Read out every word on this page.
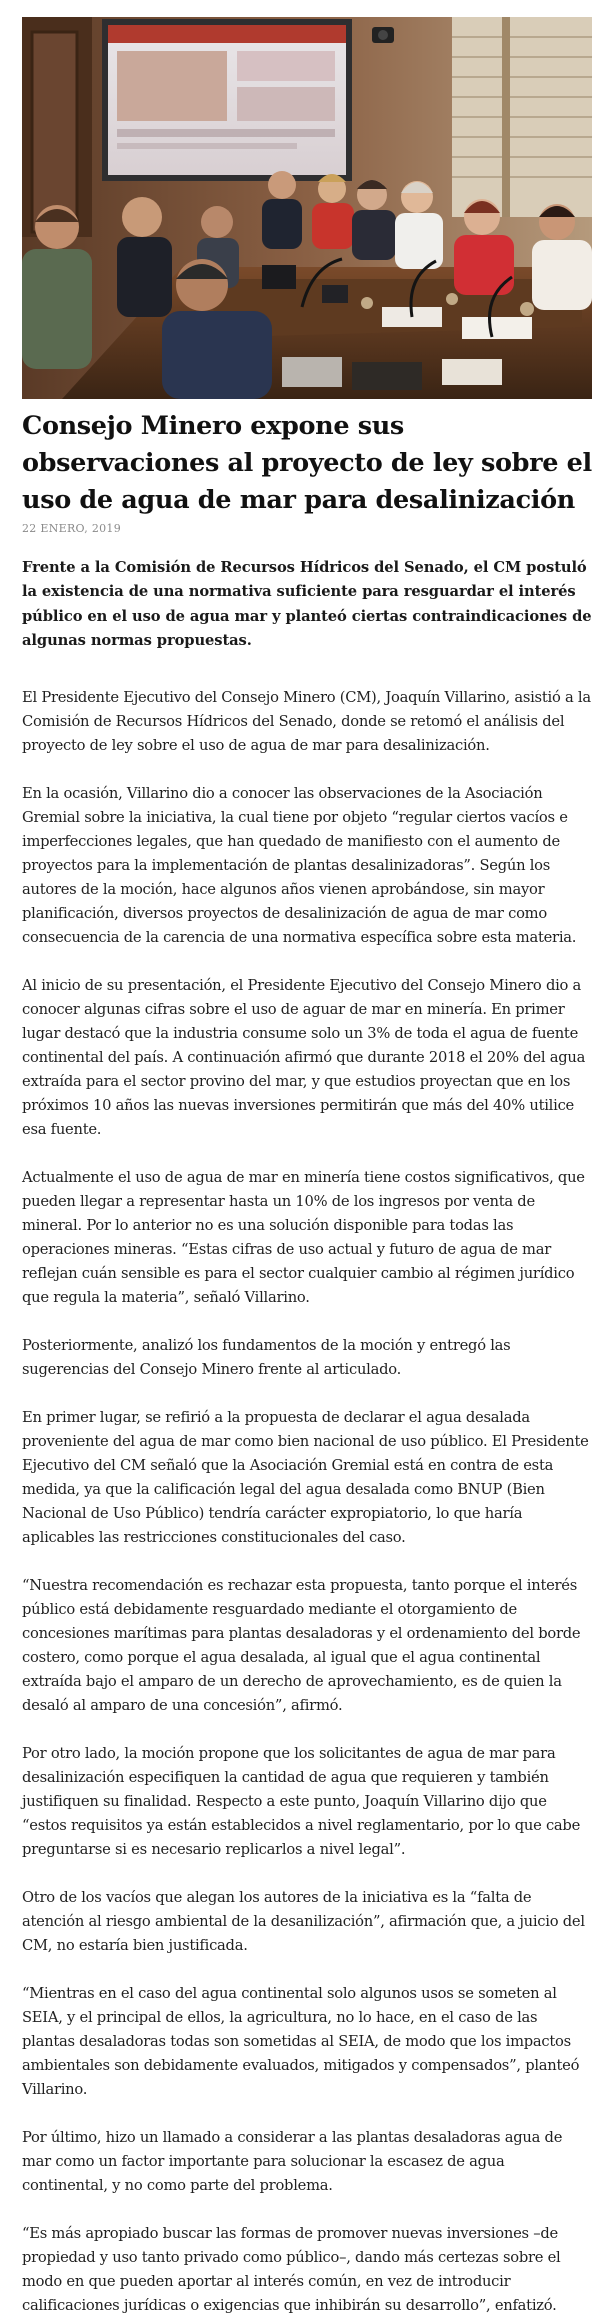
Consejo Minero expone sus observaciones al proyecto de ley sobre el uso de agua de mar para desalinización
22 ENERO, 2019

Frente a la Comisión de Recursos Hídricos del Senado, el CM postuló la existencia de una normativa suficiente para resguardar el interés público en el uso de agua mar y planteó ciertas contraindicaciones de algunas normas propuestas.

El Presidente Ejecutivo del Consejo Minero (CM), Joaquín Villarino, asistió a la Comisión de Recursos Hídricos del Senado, donde se retomó el análisis del proyecto de ley sobre el uso de agua de mar para desalinización.

En la ocasión, Villarino dio a conocer las observaciones de la Asociación Gremial sobre la iniciativa, la cual tiene por objeto “regular ciertos vacíos e imperfecciones legales, que han quedado de manifiesto con el aumento de proyectos para la implementación de plantas desalinizadoras”. Según los autores de la moción, hace algunos años vienen aprobándose, sin mayor planificación, diversos proyectos de desalinización de agua de mar como consecuencia de la carencia de una normativa específica sobre esta materia.

Al inicio de su presentación, el Presidente Ejecutivo del Consejo Minero dio a conocer algunas cifras sobre el uso de aguar de mar en minería. En primer lugar destacó que la industria consume solo un 3% de toda el agua de fuente continental del país. A continuación afirmó que durante 2018 el 20% del agua extraída para el sector provino del mar, y que estudios proyectan que en los próximos 10 años las nuevas inversiones permitirán que más del 40% utilice esa fuente.

Actualmente el uso de agua de mar en minería tiene costos significativos, que pueden llegar a representar hasta un 10% de los ingresos por venta de mineral. Por lo anterior no es una solución disponible para todas las operaciones mineras. “Estas cifras de uso actual y futuro de agua de mar reflejan cuán sensible es para el sector cualquier cambio al régimen jurídico que regula la materia”, señaló Villarino.

Posteriormente, analizó los fundamentos de la moción y entregó las sugerencias del Consejo Minero frente al articulado.

En primer lugar, se refirió a la propuesta de declarar el agua desalada proveniente del agua de mar como bien nacional de uso público. El Presidente Ejecutivo del CM señaló que la Asociación Gremial está en contra de esta medida, ya que la calificación legal del agua desalada como BNUP (Bien Nacional de Uso Público) tendría carácter expropiatorio, lo que haría aplicables las restricciones constitucionales del caso.

“Nuestra recomendación es rechazar esta propuesta, tanto porque el interés público está debidamente resguardado mediante el otorgamiento de concesiones marítimas para plantas desaladoras y el ordenamiento del borde costero, como porque el agua desalada, al igual que el agua continental extraída bajo el amparo de un derecho de aprovechamiento, es de quien la desaló al amparo de una concesión”, afirmó.

Por otro lado, la moción propone que los solicitantes de agua de mar para desalinización especifiquen la cantidad de agua que requieren y también justifiquen su finalidad. Respecto a este punto, Joaquín Villarino dijo que “estos requisitos ya están establecidos a nivel reglamentario, por lo que cabe preguntarse si es necesario replicarlos a nivel legal”.

Otro de los vacíos que alegan los autores de la iniciativa es la “falta de atención al riesgo ambiental de la desanilización”, afirmación que, a juicio del CM, no estaría bien justificada.

“Mientras en el caso del agua continental solo algunos usos se someten al SEIA, y el principal de ellos, la agricultura, no lo hace, en el caso de las plantas desaladoras todas son sometidas al SEIA, de modo que los impactos ambientales son debidamente evaluados, mitigados y compensados”, planteó Villarino.

Por último, hizo un llamado a considerar a las plantas desaladoras agua de mar como un factor importante para solucionar la escasez de agua continental, y no como parte del problema.

“Es más apropiado buscar las formas de promover nuevas inversiones –de propiedad y uso tanto privado como público–, dando más certezas sobre el modo en que pueden aportar al interés común, en vez de introducir calificaciones jurídicas o exigencias que inhibirán su desarrollo”, enfatizó.
